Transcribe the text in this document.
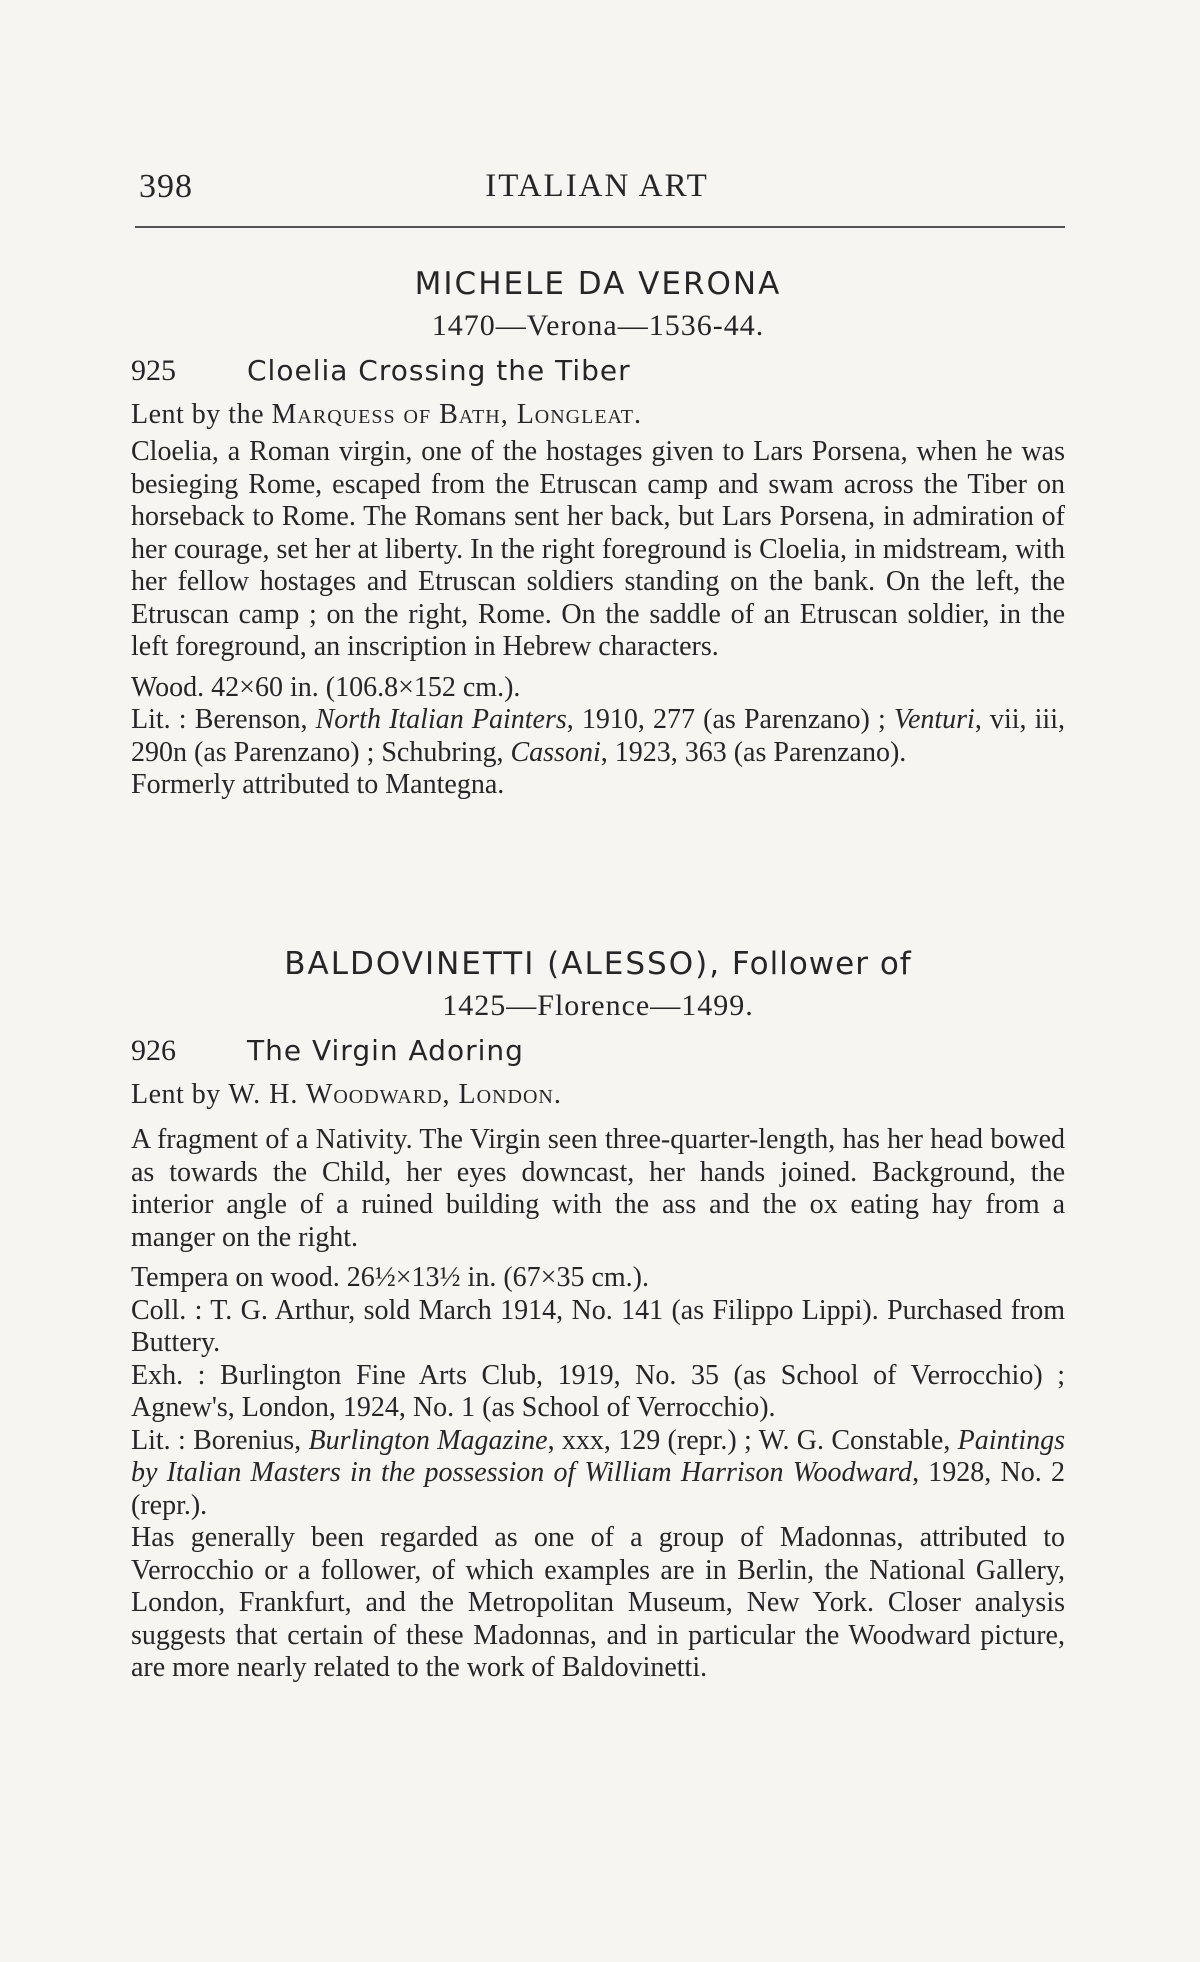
398	ITALIAN ART

MICHELE DA VERONA

1470—Verona—1536-44.

925	Cloelia Crossing the Tiber

Lent by the Marquess of Bath, Longleat.

Cloelia, a Roman virgin, one of the hostages given to Lars Porsena, when he was besieging Rome, escaped from the Etruscan camp and swam across the Tiber on horseback to Rome. The Romans sent her back, but Lars Porsena, in admiration of her courage, set her at liberty. In the right foreground is Cloelia, in midstream, with her fellow hostages and Etruscan soldiers standing on the bank. On the left, the Etruscan camp ; on the right, Rome. On the saddle of an Etruscan soldier, in the left foreground, an inscription in Hebrew characters.

Wood. 42×60 in. (106.8×152 cm.).

Lit. : Berenson, North Italian Painters, 1910, 277 (as Parenzano) ; Venturi, vii, iii, 290n (as Parenzano) ; Schubring, Cassoni, 1923, 363 (as Parenzano).

Formerly attributed to Mantegna.

BALDOVINETTI (ALESSO), Follower of

1425—Florence—1499.

926	The Virgin Adoring

Lent by W. H. Woodward, London.

A fragment of a Nativity. The Virgin seen three-quarter-length, has her head bowed as towards the Child, her eyes downcast, her hands joined. Background, the interior angle of a ruined building with the ass and the ox eating hay from a manger on the right.

Tempera on wood. 26½×13½ in. (67×35 cm.).

Coll. : T. G. Arthur, sold March 1914, No. 141 (as Filippo Lippi). Purchased from Buttery.

Exh. : Burlington Fine Arts Club, 1919, No. 35 (as School of Verrocchio) ; Agnew's, London, 1924, No. 1 (as School of Verrocchio).

Lit. : Borenius, Burlington Magazine, xxx, 129 (repr.) ; W. G. Constable, Paintings by Italian Masters in the possession of William Harrison Woodward, 1928, No. 2 (repr.).

Has generally been regarded as one of a group of Madonnas, attributed to Verrocchio or a follower, of which examples are in Berlin, the National Gallery, London, Frankfurt, and the Metropolitan Museum, New York. Closer analysis suggests that certain of these Madonnas, and in particular the Woodward picture, are more nearly related to the work of Baldovinetti.
